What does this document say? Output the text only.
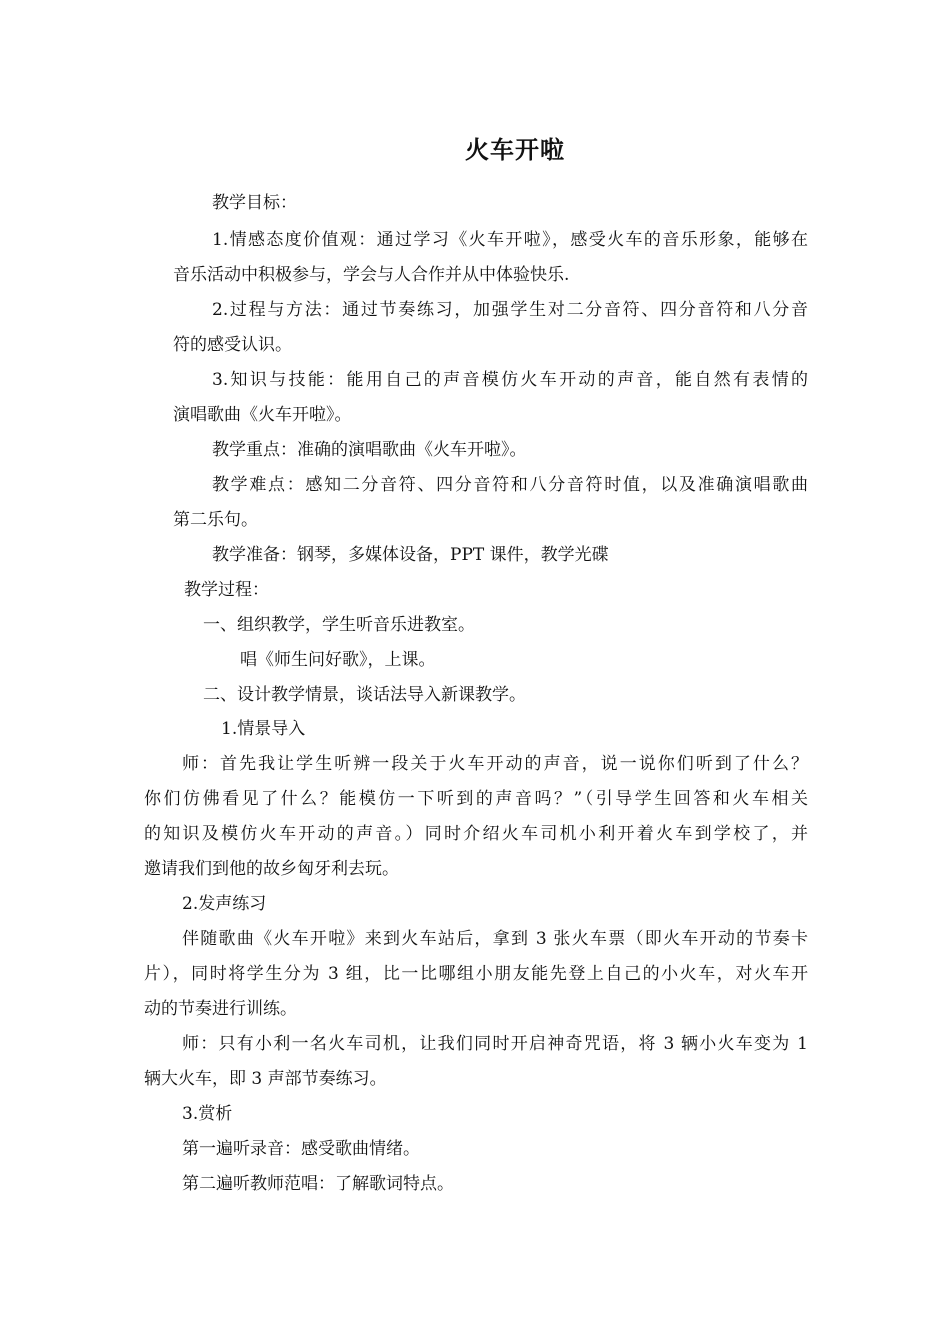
火车开啦
教学目标：
1.情感态度价值观：通过学习《火车开啦》，感受火车的音乐形象，能够在
音乐活动中积极参与，学会与人合作并从中体验快乐.
2.过程与方法：通过节奏练习，加强学生对二分音符、四分音符和八分音
符的感受认识。
3.知识与技能：能用自己的声音模仿火车开动的声音，能自然有表情的
演唱歌曲《火车开啦》。
教学重点：准确的演唱歌曲《火车开啦》。
教学难点：感知二分音符、四分音符和八分音符时值，以及准确演唱歌曲
第二乐句。
教学准备：钢琴，多媒体设备，PPT 课件，教学光碟
教学过程：
一、组织教学，学生听音乐进教室。
唱《师生问好歌》，上课。
二、设计教学情景，谈话法导入新课教学。
1.情景导入
师：首先我让学生听辨一段关于火车开动的声音，说一说你们听到了什么？
你们仿佛看见了什么？能模仿一下听到的声音吗？”（引导学生回答和火车相关
的知识及模仿火车开动的声音。）同时介绍火车司机小利开着火车到学校了，并
邀请我们到他的故乡匈牙利去玩。
2.发声练习
伴随歌曲《火车开啦》来到火车站后，拿到 3 张火车票（即火车开动的节奏卡
片），同时将学生分为 3 组，比一比哪组小朋友能先登上自己的小火车，对火车开
动的节奏进行训练。
师：只有小利一名火车司机，让我们同时开启神奇咒语，将 3 辆小火车变为 1
辆大火车，即 3 声部节奏练习。
3.赏析
第一遍听录音：感受歌曲情绪。
第二遍听教师范唱：了解歌词特点。
